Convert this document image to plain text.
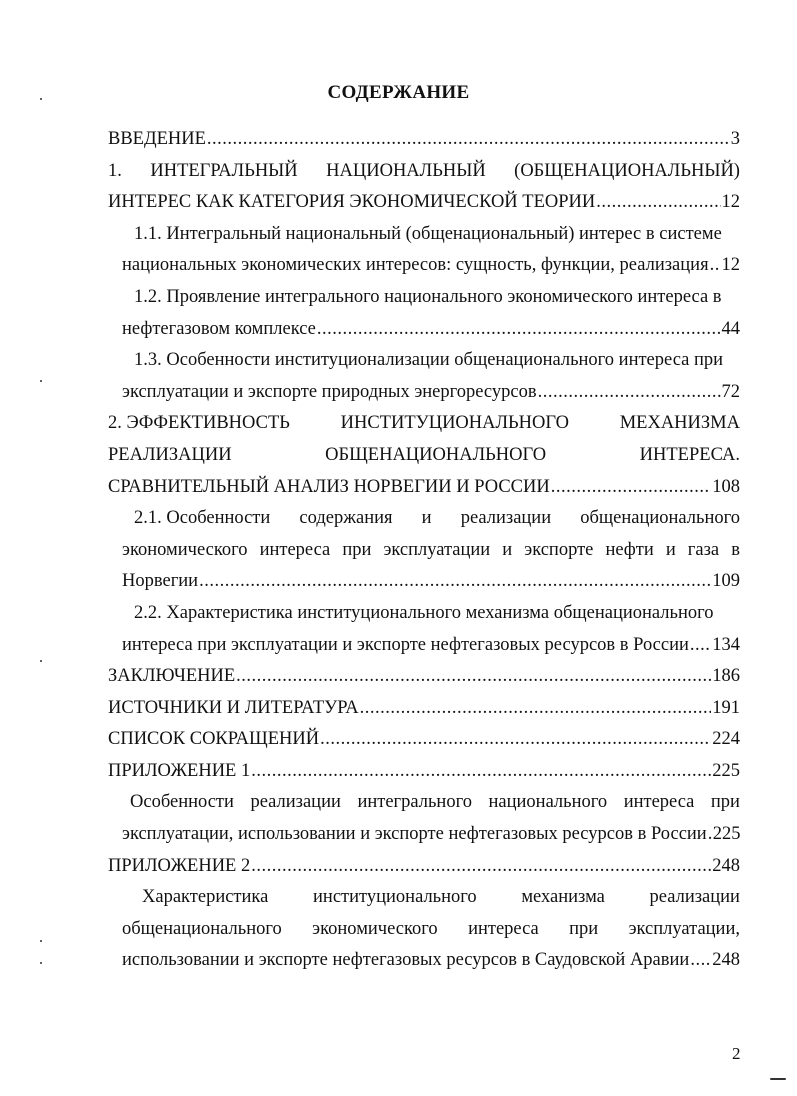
СОДЕРЖАНИЕ
ВВЕДЕНИЕ .....	3
1. ИНТЕГРАЛЬНЫЙ НАЦИОНАЛЬНЫЙ (ОБЩЕНАЦИОНАЛЬНЫЙ)
ИНТЕРЕС КАК КАТЕГОРИЯ ЭКОНОМИЧЕСКОЙ ТЕОРИИ .....	12
1.1. Интегральный национальный (общенациональный) интерес в системе
национальных экономических интересов: сущность, функции, реализация ..... 12
1.2. Проявление интегрального национального экономического интереса в
нефтегазовом комплексе .....	44
1.3. Особенности институционализации общенационального интереса при
эксплуатации и экспорте природных энергоресурсов .....	72
2. ЭФФЕКТИВНОСТЬ	ИНСТИТУЦИОНАЛЬНОГО	МЕХАНИЗМА
РЕАЛИЗАЦИИ	ОБЩЕНАЦИОНАЛЬНОГО	ИНТЕРЕСА.
СРАВНИТЕЛЬНЫЙ АНАЛИЗ НОРВЕГИИ И РОССИИ .....	108
2.1. Особенности содержания и реализации общенационального
экономического интереса при эксплуатации и экспорте нефти и газа в
Норвегии .....	109
2.2. Характеристика институционального механизма общенационального
интереса при эксплуатации и экспорте нефтегазовых ресурсов в России ..... 134
ЗАКЛЮЧЕНИЕ .....	186
ИСТОЧНИКИ И ЛИТЕРАТУРА .....	191
СПИСОК СОКРАЩЕНИЙ .....	224
ПРИЛОЖЕНИЕ 1 .....	225
Особенности реализации интегрального национального интереса при
эксплуатации, использовании и экспорте нефтегазовых ресурсов в России ..... 225
ПРИЛОЖЕНИЕ 2 .....	248
Характеристика институционального механизма реализации
общенационального экономического интереса при эксплуатации,
использовании и экспорте нефтегазовых ресурсов в Саудовской Аравии ..... 248
2
